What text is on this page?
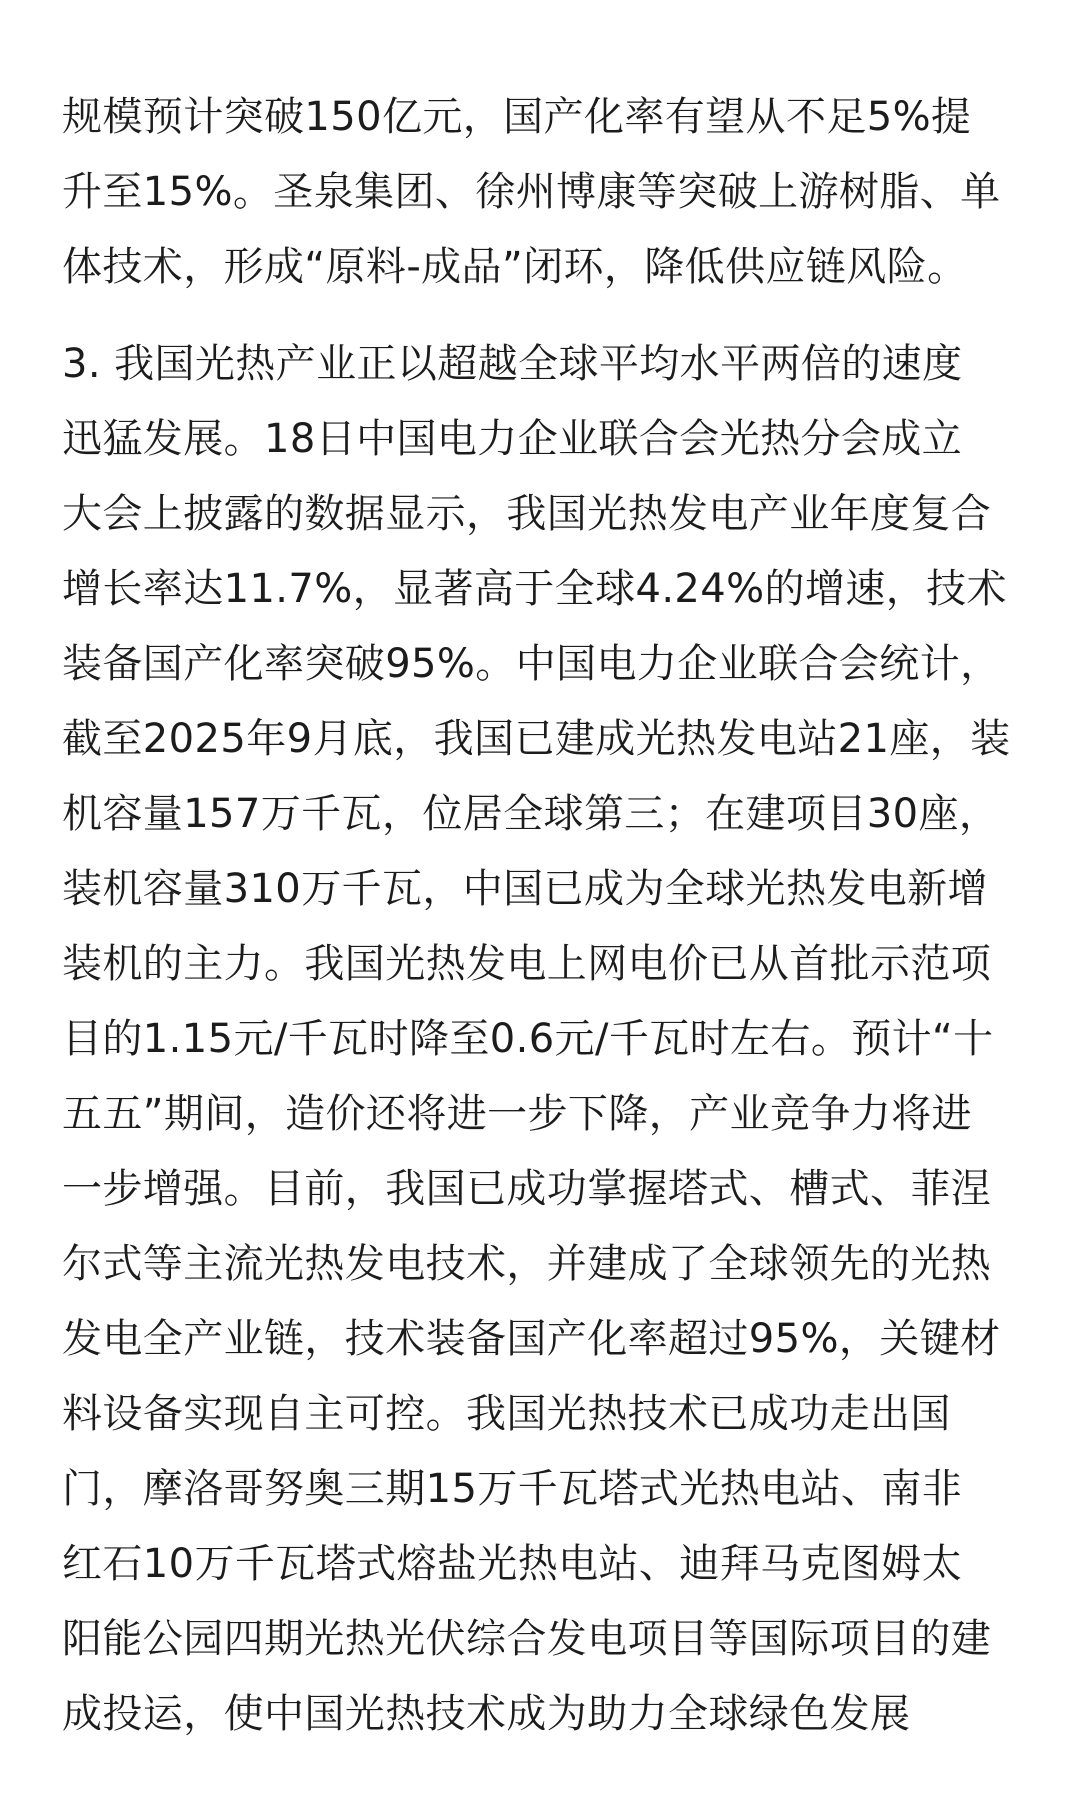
规模预计突破150亿元，国产化率有望从不足5%提
升至15%。圣泉集团、徐州博康等突破上游树脂、单
体技术，形成“原料-成品”闭环，降低供应链风险。
3. 我国光热产业正以超越全球平均水平两倍的速度
迅猛发展。18日中国电力企业联合会光热分会成立
大会上披露的数据显示，我国光热发电产业年度复合
增长率达11.7%，显著高于全球4.24%的增速，技术
装备国产化率突破95%。中国电力企业联合会统计，
截至2025年9月底，我国已建成光热发电站21座，装
机容量157万千瓦，位居全球第三；在建项目30座，
装机容量310万千瓦，中国已成为全球光热发电新增
装机的主力。我国光热发电上网电价已从首批示范项
目的1.15元/千瓦时降至0.6元/千瓦时左右。预计“十
五五”期间，造价还将进一步下降，产业竞争力将进
一步增强。目前，我国已成功掌握塔式、槽式、菲涅
尔式等主流光热发电技术，并建成了全球领先的光热
发电全产业链，技术装备国产化率超过95%，关键材
料设备实现自主可控。我国光热技术已成功走出国
门，摩洛哥努奥三期15万千瓦塔式光热电站、南非
红石10万千瓦塔式熔盐光热电站、迪拜马克图姆太
阳能公园四期光热光伏综合发电项目等国际项目的建
成投运，使中国光热技术成为助力全球绿色发展
